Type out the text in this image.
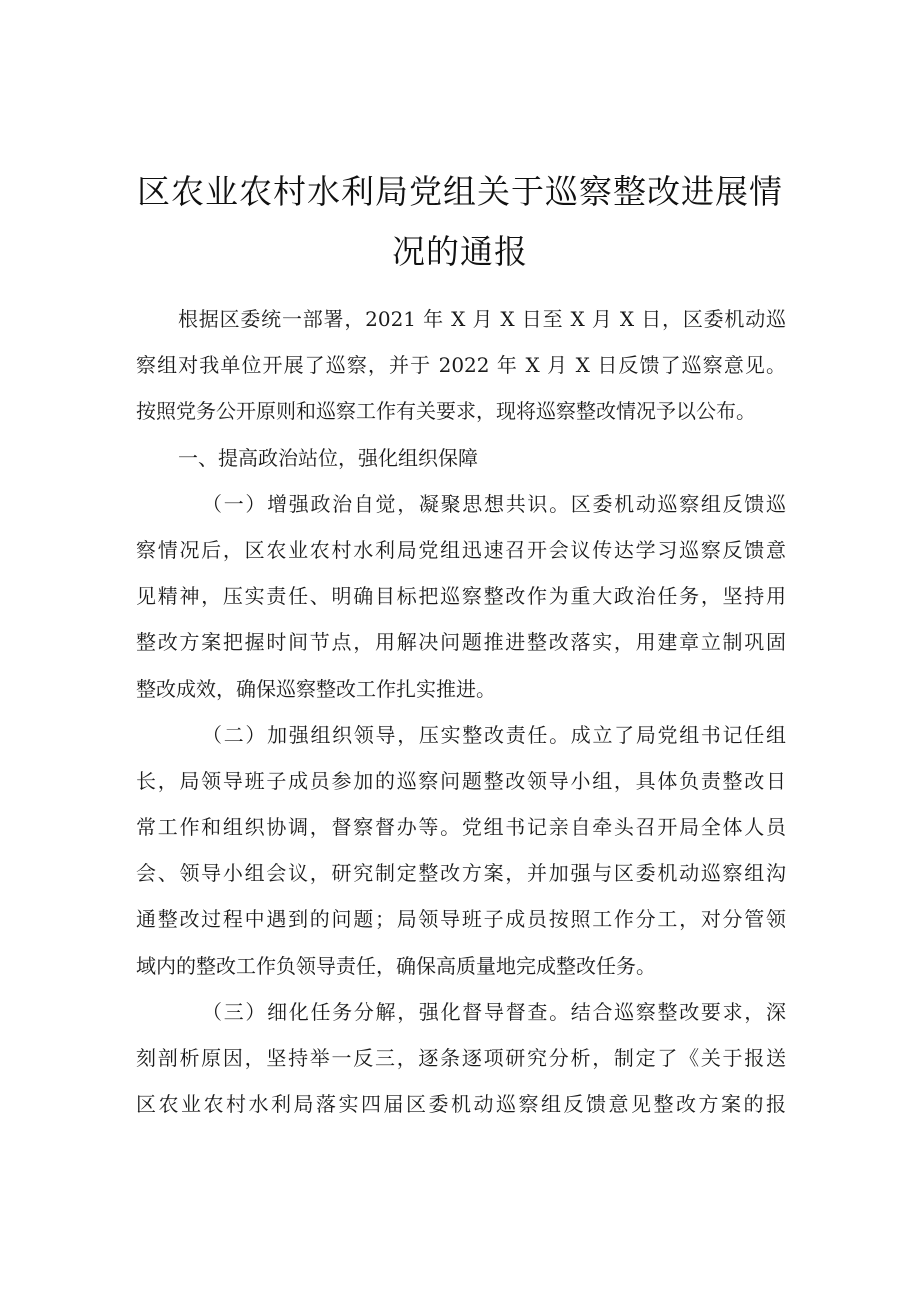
区农业农村水利局党组关于巡察整改进展情
况的通报
根据区委统一部署，2021 年 X 月 X 日至 X 月 X 日，区委机动巡
察组对我单位开展了巡察，并于 2022 年 X 月 X 日反馈了巡察意见。
按照党务公开原则和巡察工作有关要求，现将巡察整改情况予以公布。
一、提高政治站位，强化组织保障
（一）增强政治自觉，凝聚思想共识。区委机动巡察组反馈巡
察情况后，区农业农村水利局党组迅速召开会议传达学习巡察反馈意
见精神，压实责任、明确目标把巡察整改作为重大政治任务，坚持用
整改方案把握时间节点，用解决问题推进整改落实，用建章立制巩固
整改成效，确保巡察整改工作扎实推进。
（二）加强组织领导，压实整改责任。成立了局党组书记任组
长，局领导班子成员参加的巡察问题整改领导小组，具体负责整改日
常工作和组织协调，督察督办等。党组书记亲自牵头召开局全体人员
会、领导小组会议，研究制定整改方案，并加强与区委机动巡察组沟
通整改过程中遇到的问题；局领导班子成员按照工作分工，对分管领
域内的整改工作负领导责任，确保高质量地完成整改任务。
（三）细化任务分解，强化督导督查。结合巡察整改要求，深
刻剖析原因，坚持举一反三，逐条逐项研究分析，制定了《关于报送
区农业农村水利局落实四届区委机动巡察组反馈意见整改方案的报
